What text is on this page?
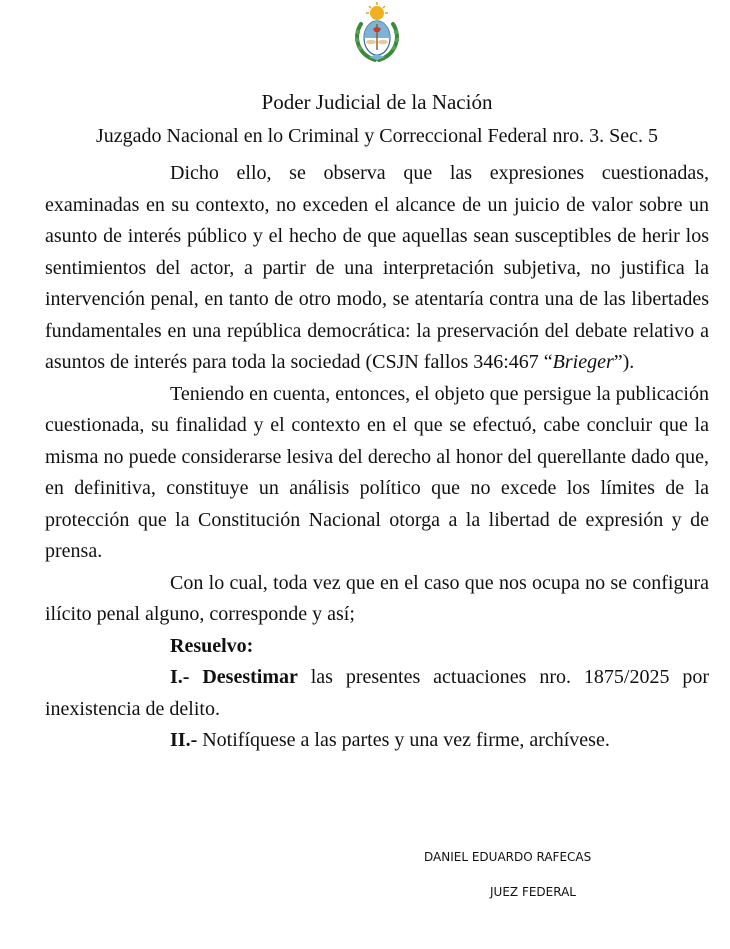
Poder Judicial de la Nación
Juzgado Nacional en lo Criminal y Correccional Federal nro. 3. Sec. 5

Dicho ello, se observa que las expresiones cuestionadas, examinadas en su contexto, no exceden el alcance de un juicio de valor sobre un asunto de interés público y el hecho de que aquellas sean susceptibles de herir los sentimientos del actor, a partir de una interpretación subjetiva, no justifica la intervención penal, en tanto de otro modo, se atentaría contra una de las libertades fundamentales en una república democrática: la preservación del debate relativo a asuntos de interés para toda la sociedad (CSJN fallos 346:467 “Brieger”).

Teniendo en cuenta, entonces, el objeto que persigue la publicación cuestionada, su finalidad y el contexto en el que se efectuó, cabe concluir que la misma no puede considerarse lesiva del derecho al honor del querellante dado que, en definitiva, constituye un análisis político que no excede los límites de la protección que la Constitución Nacional otorga a la libertad de expresión y de prensa.

Con lo cual, toda vez que en el caso que nos ocupa no se configura ilícito penal alguno, corresponde y así;

Resuelvo:

I.- Desestimar las presentes actuaciones nro. 1875/2025 por inexistencia de delito.

II.- Notifíquese a las partes y una vez firme, archívese.

DANIEL EDUARDO RAFECAS
JUEZ FEDERAL
